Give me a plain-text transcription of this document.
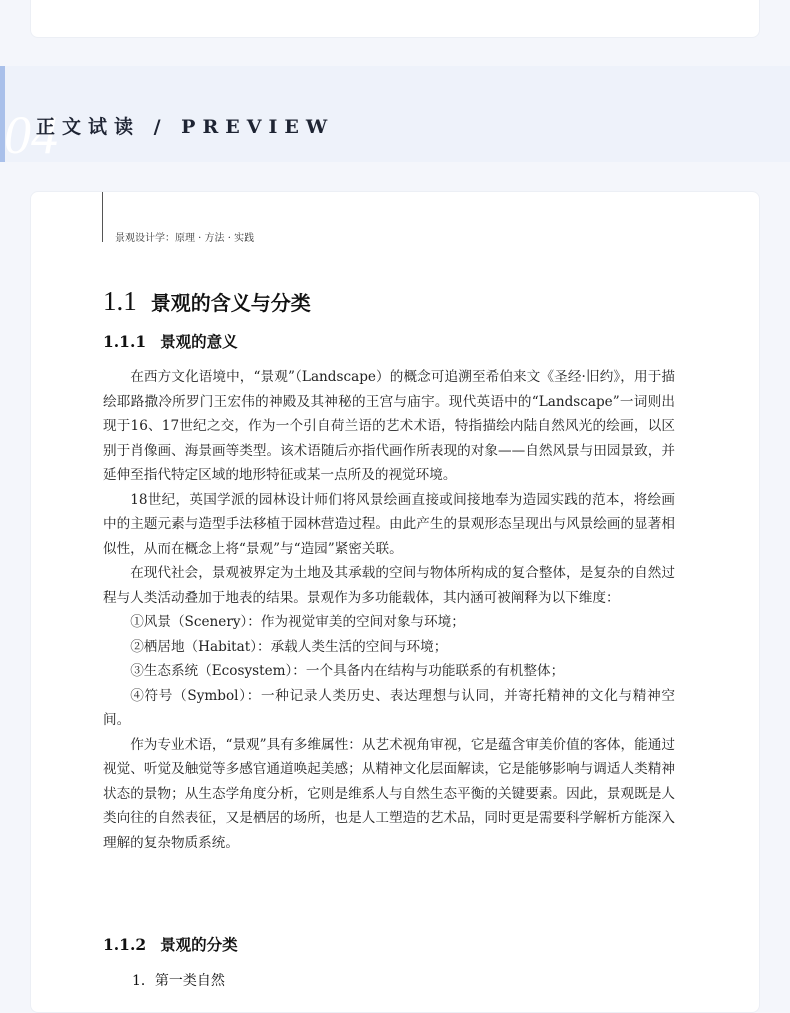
04
正文试读 / PREVIEW
景观设计学：原理 · 方法 · 实践
1.1 景观的含义与分类
1.1.1 景观的意义

在西方文化语境中，“景观”（Landscape）的概念可追溯至希伯来文《圣经·旧约》，用于描绘耶路撒冷所罗门王宏伟的神殿及其神秘的王宫与庙宇。现代英语中的“Landscape”一词则出现于16、17世纪之交，作为一个引自荷兰语的艺术术语，特指描绘内陆自然风光的绘画，以区别于肖像画、海景画等类型。该术语随后亦指代画作所表现的对象——自然风景与田园景致，并延伸至指代特定区域的地形特征或某一点所及的视觉环境。

18世纪，英国学派的园林设计师们将风景绘画直接或间接地奉为造园实践的范本，将绘画中的主题元素与造型手法移植于园林营造过程。由此产生的景观形态呈现出与风景绘画的显著相似性，从而在概念上将“景观”与“造园”紧密关联。

在现代社会，景观被界定为土地及其承载的空间与物体所构成的复合整体，是复杂的自然过程与人类活动叠加于地表的结果。景观作为多功能载体，其内涵可被阐释为以下维度：

①风景（Scenery）：作为视觉审美的空间对象与环境；

②栖居地（Habitat）：承载人类生活的空间与环境；

③生态系统（Ecosystem）：一个具备内在结构与功能联系的有机整体；

④符号（Symbol）：一种记录人类历史、表达理想与认同，并寄托精神的文化与精神空间。

作为专业术语，“景观”具有多维属性：从艺术视角审视，它是蕴含审美价值的客体，能通过视觉、听觉及触觉等多感官通道唤起美感；从精神文化层面解读，它是能够影响与调适人类精神状态的景物；从生态学角度分析，它则是维系人与自然生态平衡的关键要素。因此，景观既是人类向往的自然表征，又是栖居的场所，也是人工塑造的艺术品，同时更是需要科学解析方能深入理解的复杂物质系统。

1.1.2 景观的分类
1．第一类自然
